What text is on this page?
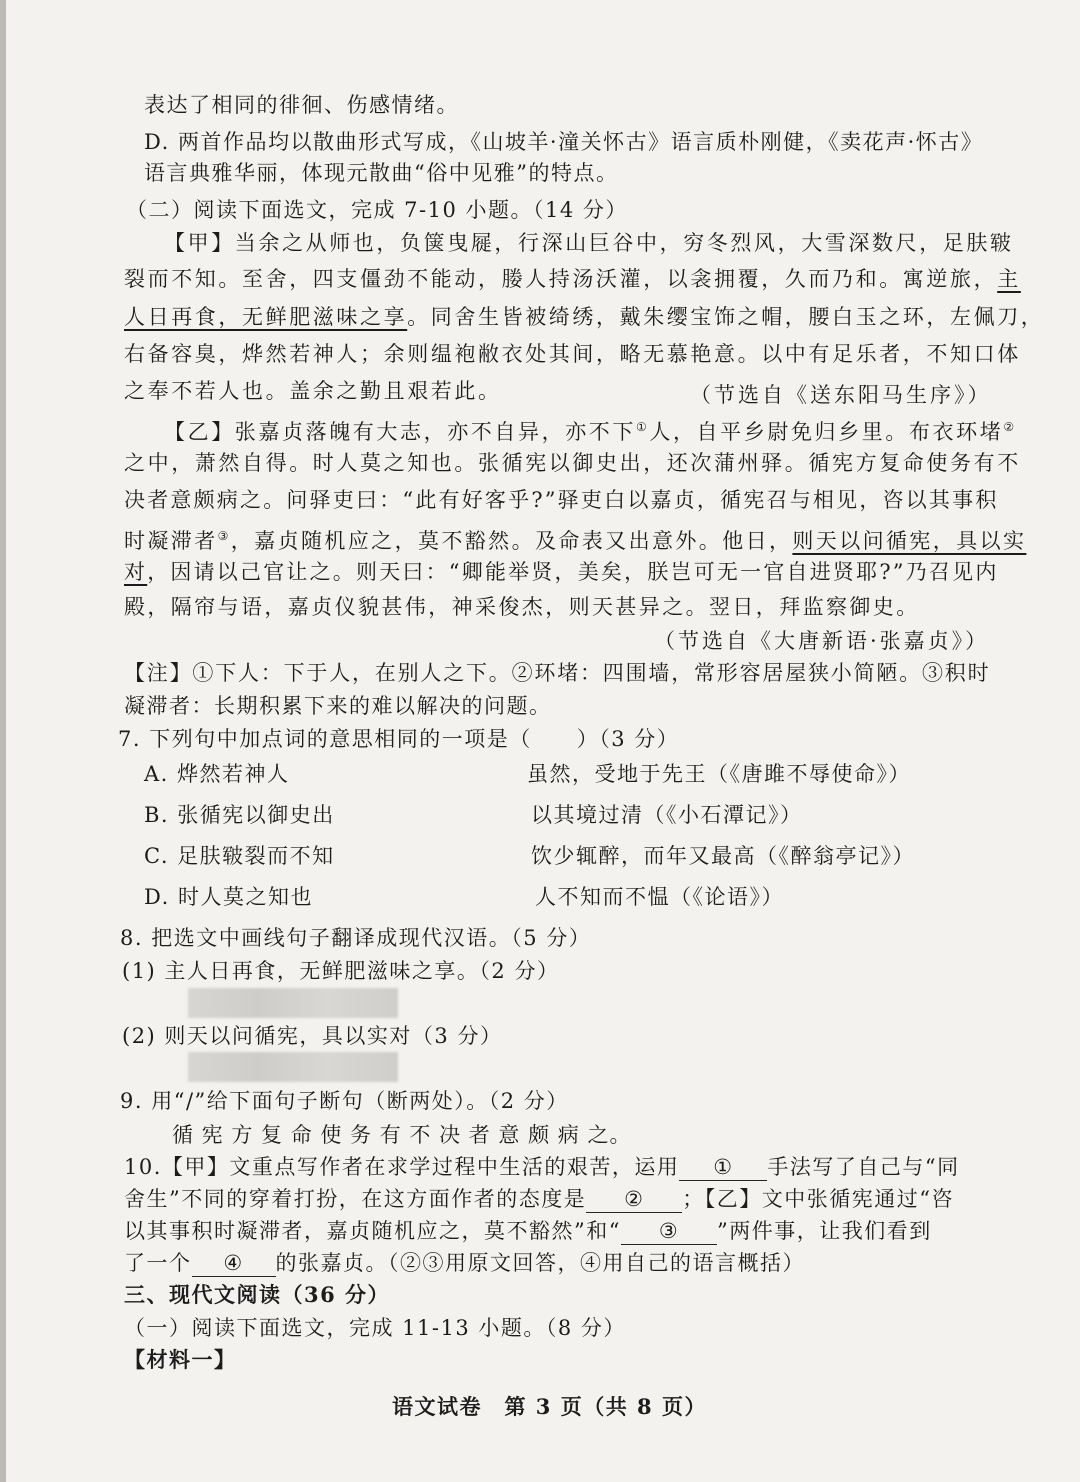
表达了相同的徘徊、伤感情绪。
D. 两首作品均以散曲形式写成，《山坡羊·潼关怀古》语言质朴刚健，《卖花声·怀古》
语言典雅华丽，体现元散曲“俗中见雅”的特点。
（二）阅读下面选文，完成 7-10 小题。（14 分）
【甲】当余之从师也，负箧曳屣，行深山巨谷中，穷冬烈风，大雪深数尺，足肤皲
裂而不知。至舍，四支僵劲不能动，媵人持汤沃灌，以衾拥覆，久而乃和。寓逆旅，主
人日再食，无鲜肥滋味之享。同舍生皆被绮绣，戴朱缨宝饰之帽，腰白玉之环，左佩刀，
右备容臭，烨然若神人；余则缊袍敝衣处其间，略无慕艳意。以中有足乐者，不知口体
之奉不若人也。盖余之勤且艰若此。	（节选自《送东阳马生序》）
【乙】张嘉贞落魄有大志，亦不自异，亦不下①人，自平乡尉免归乡里。布衣环堵②
之中，萧然自得。时人莫之知也。张循宪以御史出，还次蒲州驿。循宪方复命使务有不
决者意颇病之。问驿吏曰：“此有好客乎?”驿吏白以嘉贞，循宪召与相见，咨以其事积
时凝滞者③，嘉贞随机应之，莫不豁然。及命表又出意外。他日，则天以问循宪，具以实
对，因请以己官让之。则天曰：“卿能举贤，美矣，朕岂可无一官自进贤耶?”乃召见内
殿，隔帘与语，嘉贞仪貌甚伟，神采俊杰，则天甚异之。翌日，拜监察御史。
（节选自《大唐新语·张嘉贞》）
【注】①下人：下于人，在别人之下。②环堵：四围墙，常形容居屋狭小简陋。③积时
凝滞者：长期积累下来的难以解决的问题。
7. 下列句中加点词的意思相同的一项是（　　）（3 分）
A. 烨然若神人	虽然，受地于先王（《唐雎不辱使命》）
B. 张循宪以御史出	以其境过清（《小石潭记》）
C. 足肤皲裂而不知	饮少辄醉，而年又最高（《醉翁亭记》）
D. 时人莫之知也	人不知而不愠（《论语》）
8. 把选文中画线句子翻译成现代汉语。（5 分）
(1) 主人日再食，无鲜肥滋味之享。（2 分）
(2) 则天以问循宪，具以实对（3 分）
9. 用“/”给下面句子断句（断两处）。（2 分）
循 宪 方 复 命 使 务 有 不 决 者 意 颇 病 之。
10.【甲】文重点写作者在求学过程中生活的艰苦，运用 ① 手法写了自己与“同
舍生”不同的穿着打扮，在这方面作者的态度是 ② ；【乙】文中张循宪通过“咨
以其事积时凝滞者，嘉贞随机应之，莫不豁然”和“ ③ ”两件事，让我们看到
了一个 ④ 的张嘉贞。（②③用原文回答，④用自己的语言概括）
三、现代文阅读（36 分）
（一）阅读下面选文，完成 11-13 小题。（8 分）
【材料一】
语文试卷　第 3 页（共 8 页）
